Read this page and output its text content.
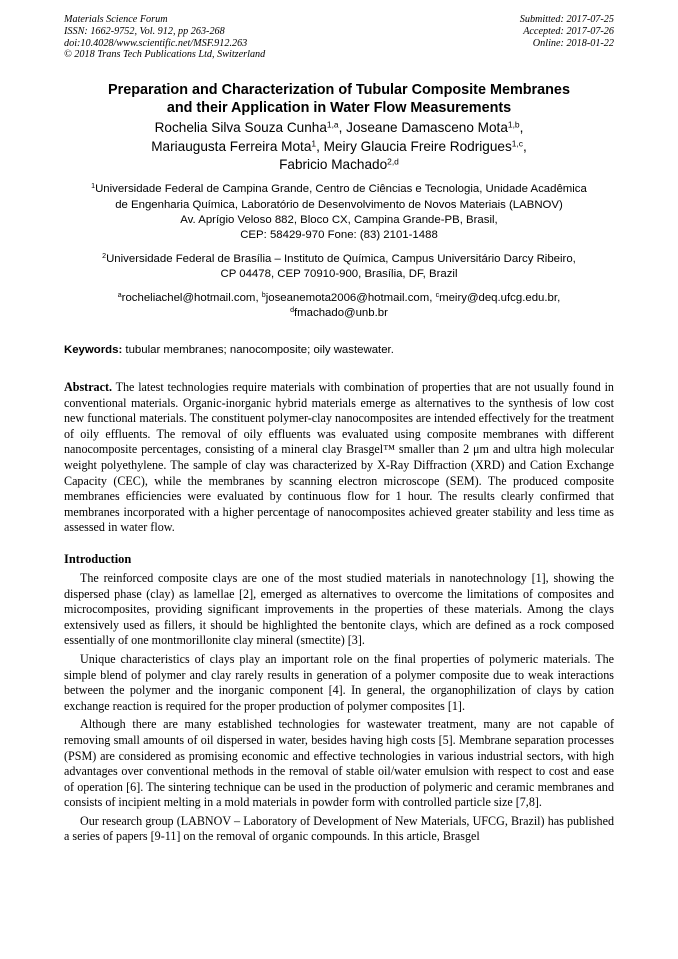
Materials Science Forum
ISSN: 1662-9752, Vol. 912, pp 263-268
doi:10.4028/www.scientific.net/MSF.912.263
© 2018 Trans Tech Publications Ltd, Switzerland
Submitted: 2017-07-25
Accepted: 2017-07-26
Online: 2018-01-22
Preparation and Characterization of Tubular Composite Membranes
and their Application in Water Flow Measurements
Rochelia Silva Souza Cunha$^{1,a}$, Joseane Damasceno Mota$^{1,b}$,
Mariaugusta Ferreira Mota$^1$, Meiry Glaucia Freire Rodrigues$^{1,c}$,
Fabricio Machado$^{2,d}$
$^1$Universidade Federal de Campina Grande, Centro de Ciências e Tecnologia, Unidade Acadêmica
de Engenharia Química, Laboratório de Desenvolvimento de Novos Materiais (LABNOV)
Av. Aprígio Veloso 882, Bloco CX, Campina Grande-PB, Brasil,
CEP: 58429-970 Fone: (83) 2101-1488
$^2$Universidade Federal de Brasília – Instituto de Química, Campus Universitário Darcy Ribeiro,
CP 04478, CEP 70910-900, Brasília, DF, Brazil
$^a$rocheliachel@hotmail.com, $^b$joseanemota2006@hotmail.com, $^c$meiry@deq.ufcg.edu.br,
$^d$fmachado@unb.br
Keywords: tubular membranes; nanocomposite; oily wastewater.
Abstract. The latest technologies require materials with combination of properties that are not usually found in conventional materials. Organic-inorganic hybrid materials emerge as alternatives to the synthesis of low cost new functional materials. The constituent polymer-clay nanocomposites are intended effectively for the treatment of oily effluents. The removal of oily effluents was evaluated using composite membranes with different nanocomposite percentages, consisting of a mineral clay Brasgel™ smaller than 2 μm and ultra high molecular weight polyethylene. The sample of clay was characterized by X-Ray Diffraction (XRD) and Cation Exchange Capacity (CEC), while the membranes by scanning electron microscope (SEM). The produced composite membranes efficiencies were evaluated by continuous flow for 1 hour. The results clearly confirmed that membranes incorporated with a higher percentage of nanocomposites achieved greater stability and less time as assessed in water flow.
Introduction
The reinforced composite clays are one of the most studied materials in nanotechnology [1], showing the dispersed phase (clay) as lamellae [2], emerged as alternatives to overcome the limitations of composites and microcomposites, providing significant improvements in the properties of these materials. Among the clays extensively used as fillers, it should be highlighted the bentonite clays, which are defined as a rock composed essentially of one montmorillonite clay mineral (smectite) [3].
Unique characteristics of clays play an important role on the final properties of polymeric materials. The simple blend of polymer and clay rarely results in generation of a polymer composite due to weak interactions between the polymer and the inorganic component [4]. In general, the organophilization of clays by cation exchange reaction is required for the proper production of polymer composites [1].
Although there are many established technologies for wastewater treatment, many are not capable of removing small amounts of oil dispersed in water, besides having high costs [5]. Membrane separation processes (PSM) are considered as promising economic and effective technologies in various industrial sectors, with high advantages over conventional methods in the removal of stable oil/water emulsion with respect to cost and ease of operation [6]. The sintering technique can be used in the production of polymeric and ceramic membranes and consists of incipient melting in a mold materials in powder form with controlled particle size [7,8].
Our research group (LABNOV – Laboratory of Development of New Materials, UFCG, Brazil) has published a series of papers [9-11] on the removal of organic compounds. In this article, Brasgel
